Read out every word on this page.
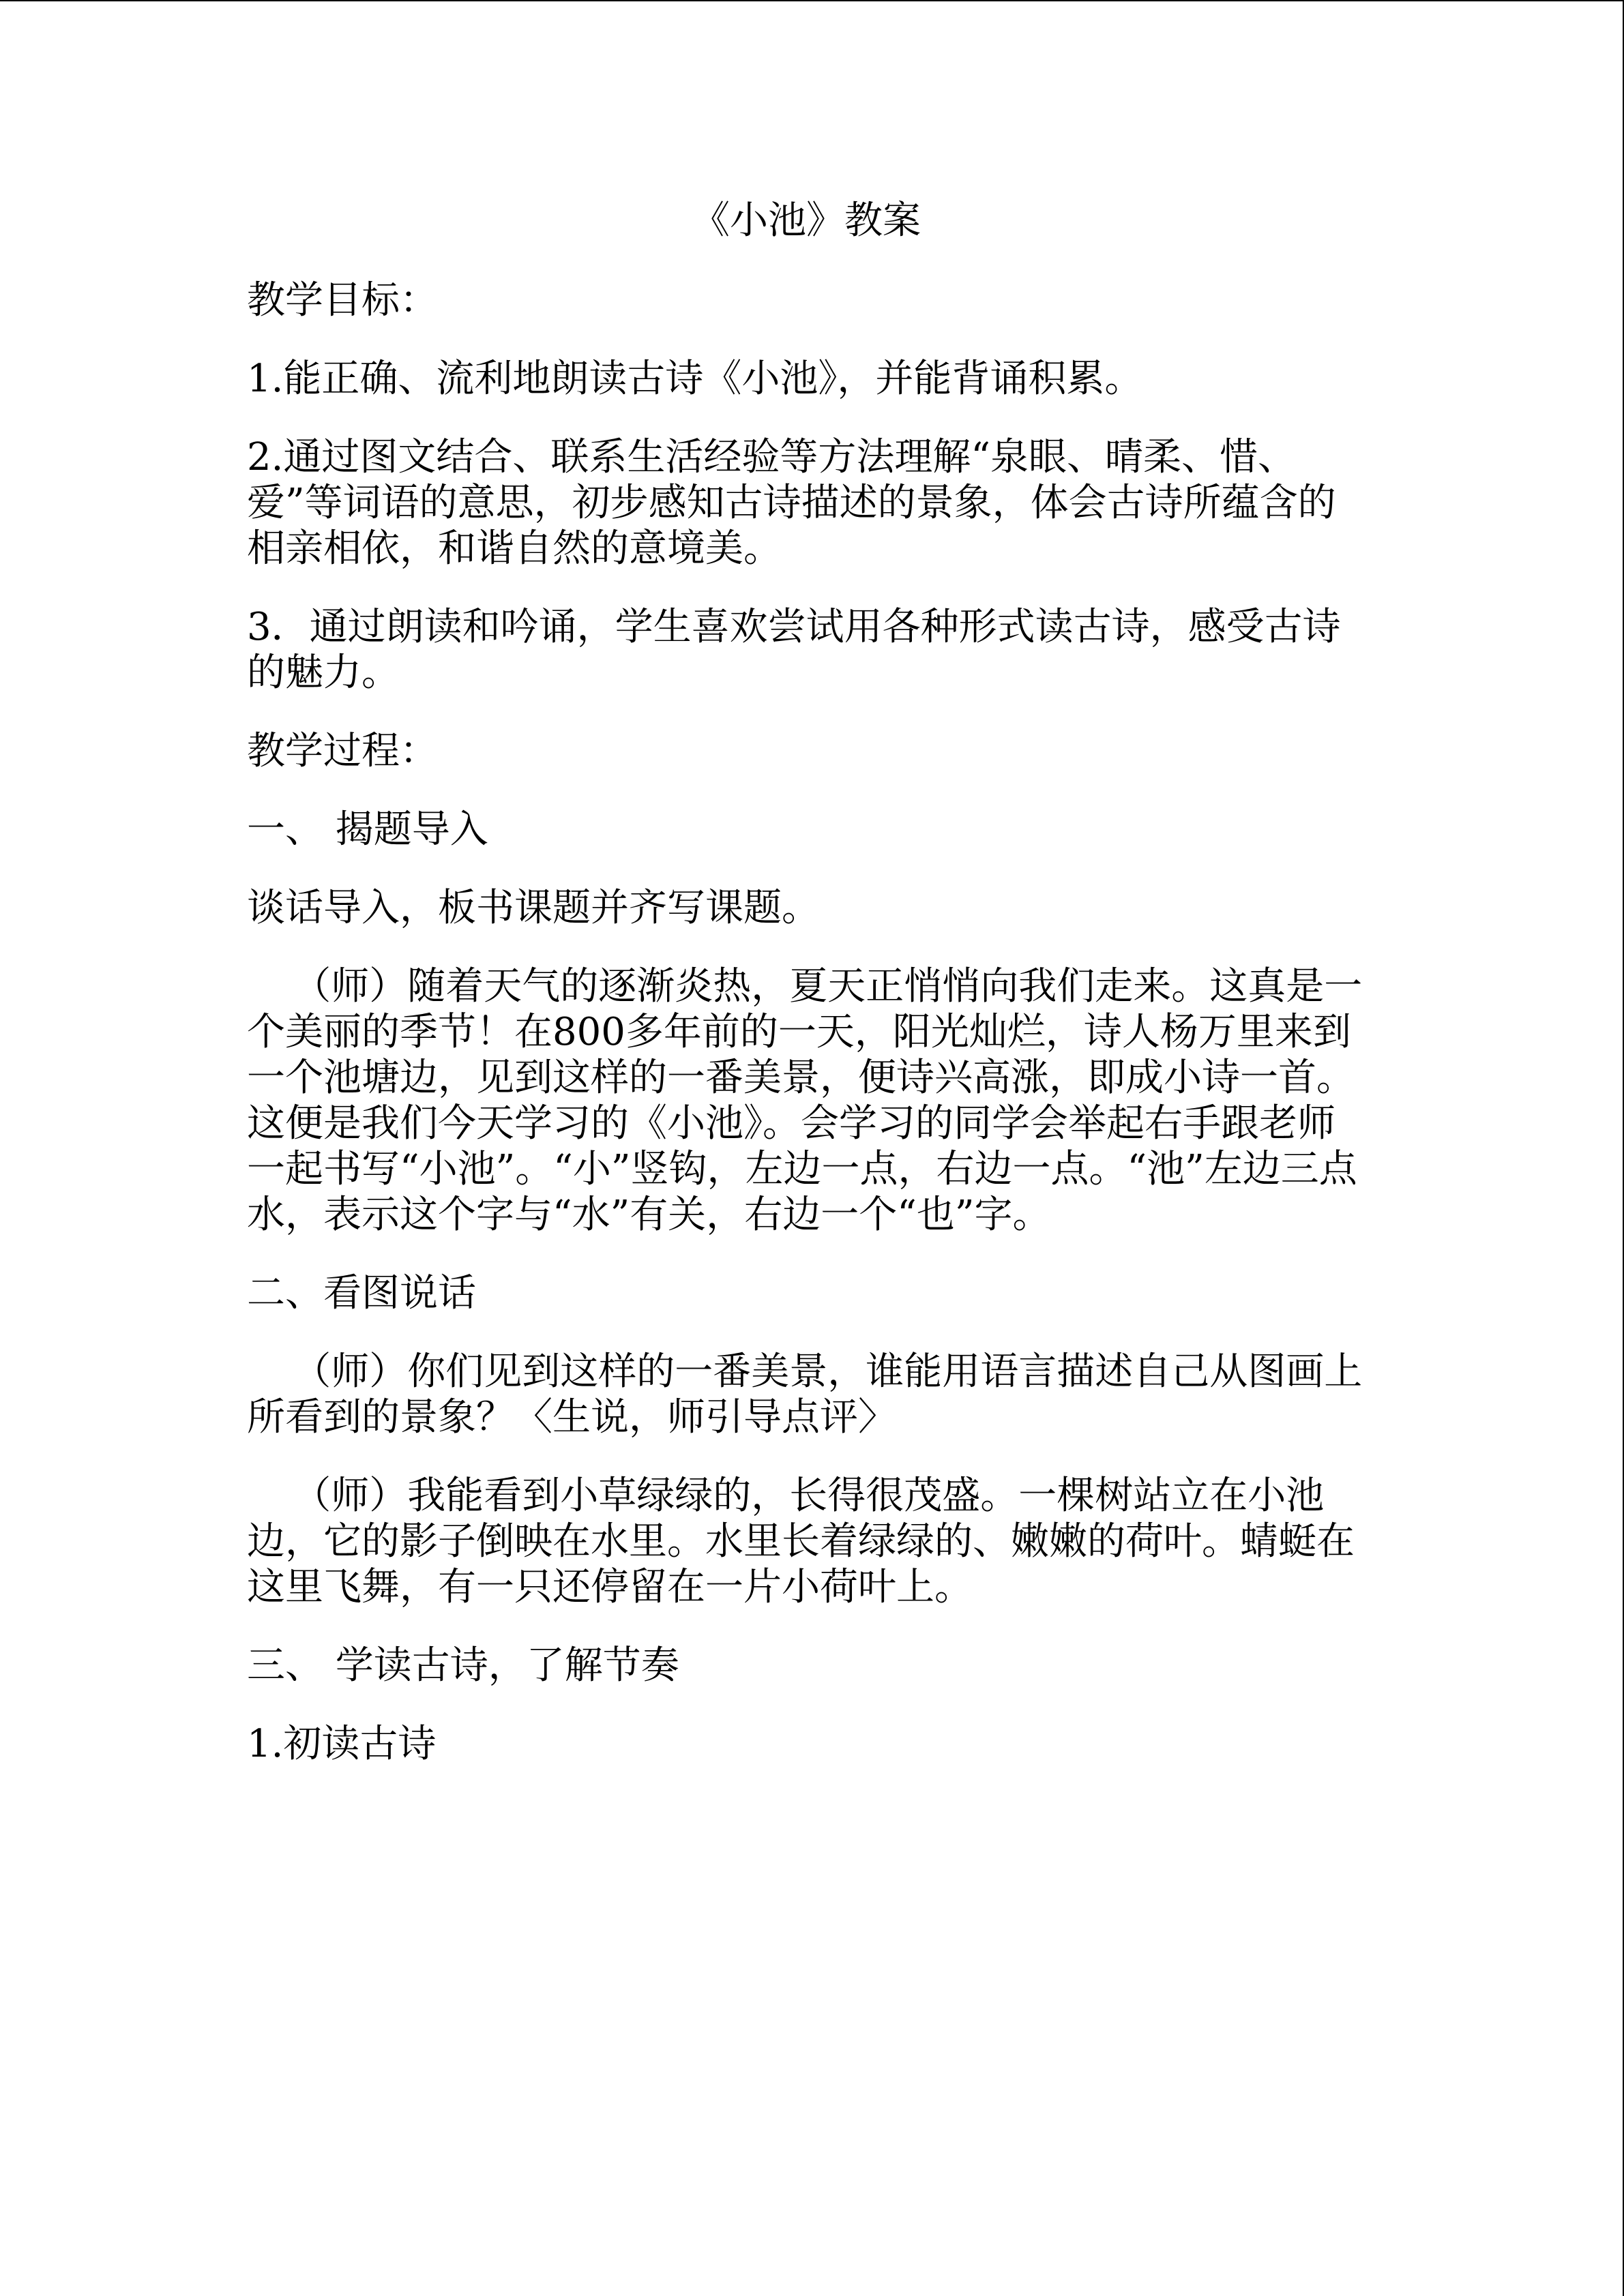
《小池》教案

教学目标：

1.能正确、流利地朗读古诗《小池》，并能背诵积累。

2.通过图文结合、联系生活经验等方法理解“泉眼、晴柔、惜、爱”等词语的意思，初步感知古诗描述的景象，体会古诗所蕴含的相亲相依，和谐自然的意境美。

3．通过朗读和吟诵，学生喜欢尝试用各种形式读古诗，感受古诗的魅力。

教学过程：

一、 揭题导入

谈话导入，板书课题并齐写课题。

（师）随着天气的逐渐炎热，夏天正悄悄向我们走来。这真是一个美丽的季节！在800多年前的一天，阳光灿烂，诗人杨万里来到一个池塘边，见到这样的一番美景，便诗兴高涨，即成小诗一首。这便是我们今天学习的《小池》。会学习的同学会举起右手跟老师一起书写“小池”。“小”竖钩，左边一点，右边一点。“池”左边三点水，表示这个字与“水”有关，右边一个“也”字。

二、看图说话

（师）你们见到这样的一番美景，谁能用语言描述自己从图画上所看到的景象？〈生说，师引导点评〉

（师）我能看到小草绿绿的，长得很茂盛。一棵树站立在小池边，它的影子倒映在水里。水里长着绿绿的、嫩嫩的荷叶。蜻蜓在这里飞舞，有一只还停留在一片小荷叶上。

三、 学读古诗，了解节奏

1.初读古诗
